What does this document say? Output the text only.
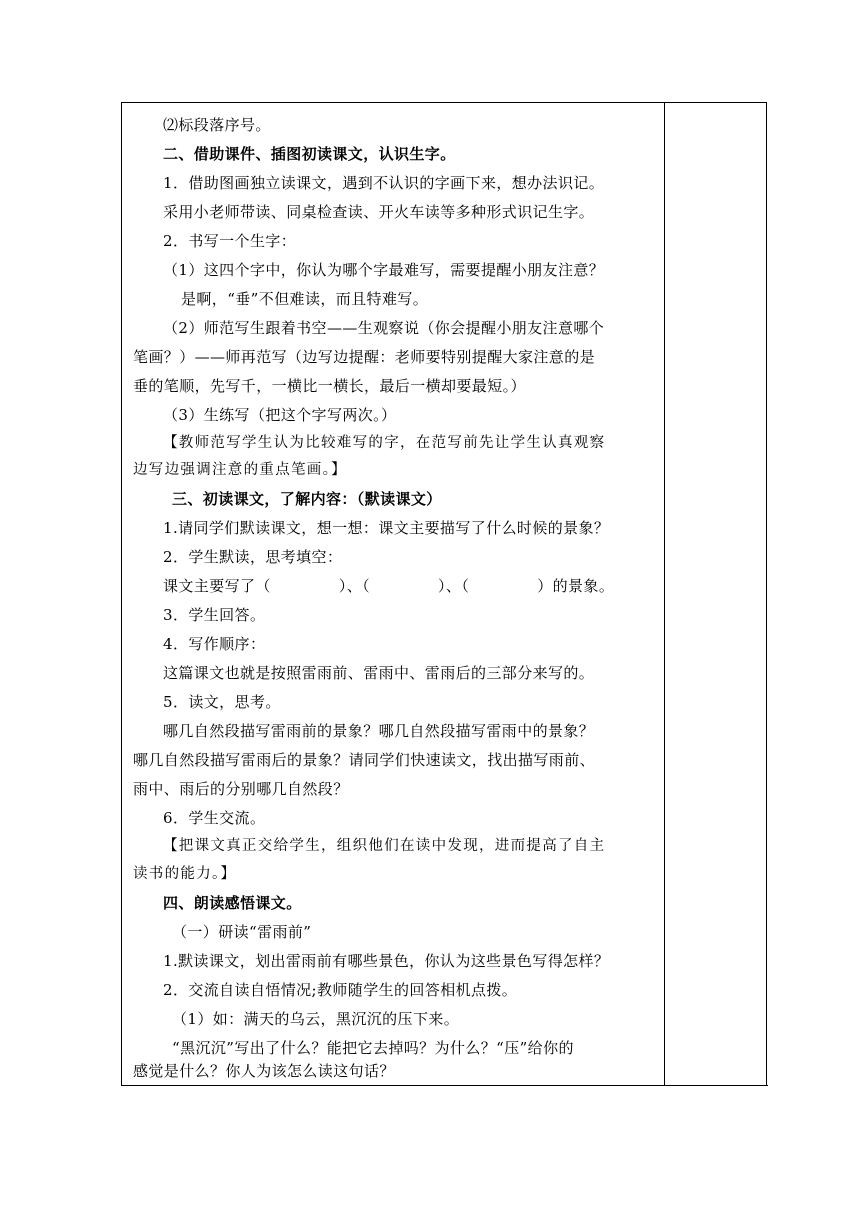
⑵标段落序号。
二、借助课件、插图初读课文，认识生字。
1．借助图画独立读课文，遇到不认识的字画下来，想办法识记。
采用小老师带读、同桌检查读、开火车读等多种形式识记生字。
2．书写一个生字：
（1）这四个字中，你认为哪个字最难写，需要提醒小朋友注意？
是啊，“垂”不但难读，而且特难写。
（2）师范写生跟着书空——生观察说（你会提醒小朋友注意哪个
笔画？）——师再范写（边写边提醒：老师要特别提醒大家注意的是
垂的笔顺，先写千，一横比一横长，最后一横却要最短。）
（3）生练写（把这个字写两次。）
【教师范写学生认为比较难写的字，在范写前先让学生认真观察
边写边强调注意的重点笔画。】
三、初读课文，了解内容：（默读课文）
1.请同学们默读课文，想一想：课文主要描写了什么时候的景象？
2．学生默读，思考填空：
课文主要写了（	）、（	）、（	）的景象。
3．学生回答。
4．写作顺序：
这篇课文也就是按照雷雨前、雷雨中、雷雨后的三部分来写的。
5．读文，思考。
哪几自然段描写雷雨前的景象？哪几自然段描写雷雨中的景象？
哪几自然段描写雷雨后的景象？请同学们快速读文，找出描写雨前、
雨中、雨后的分别哪几自然段？
6．学生交流。
【把课文真正交给学生，组织他们在读中发现，进而提高了自主
读书的能力。】
四、朗读感悟课文。
（一）研读“雷雨前”
1.默读课文，划出雷雨前有哪些景色，你认为这些景色写得怎样？
2．交流自读自悟情况;教师随学生的回答相机点拨。
（1）如：满天的乌云，黑沉沉的压下来。
“黑沉沉”写出了什么？能把它去掉吗？为什么？“压”给你的
感觉是什么？你人为该怎么读这句话？
